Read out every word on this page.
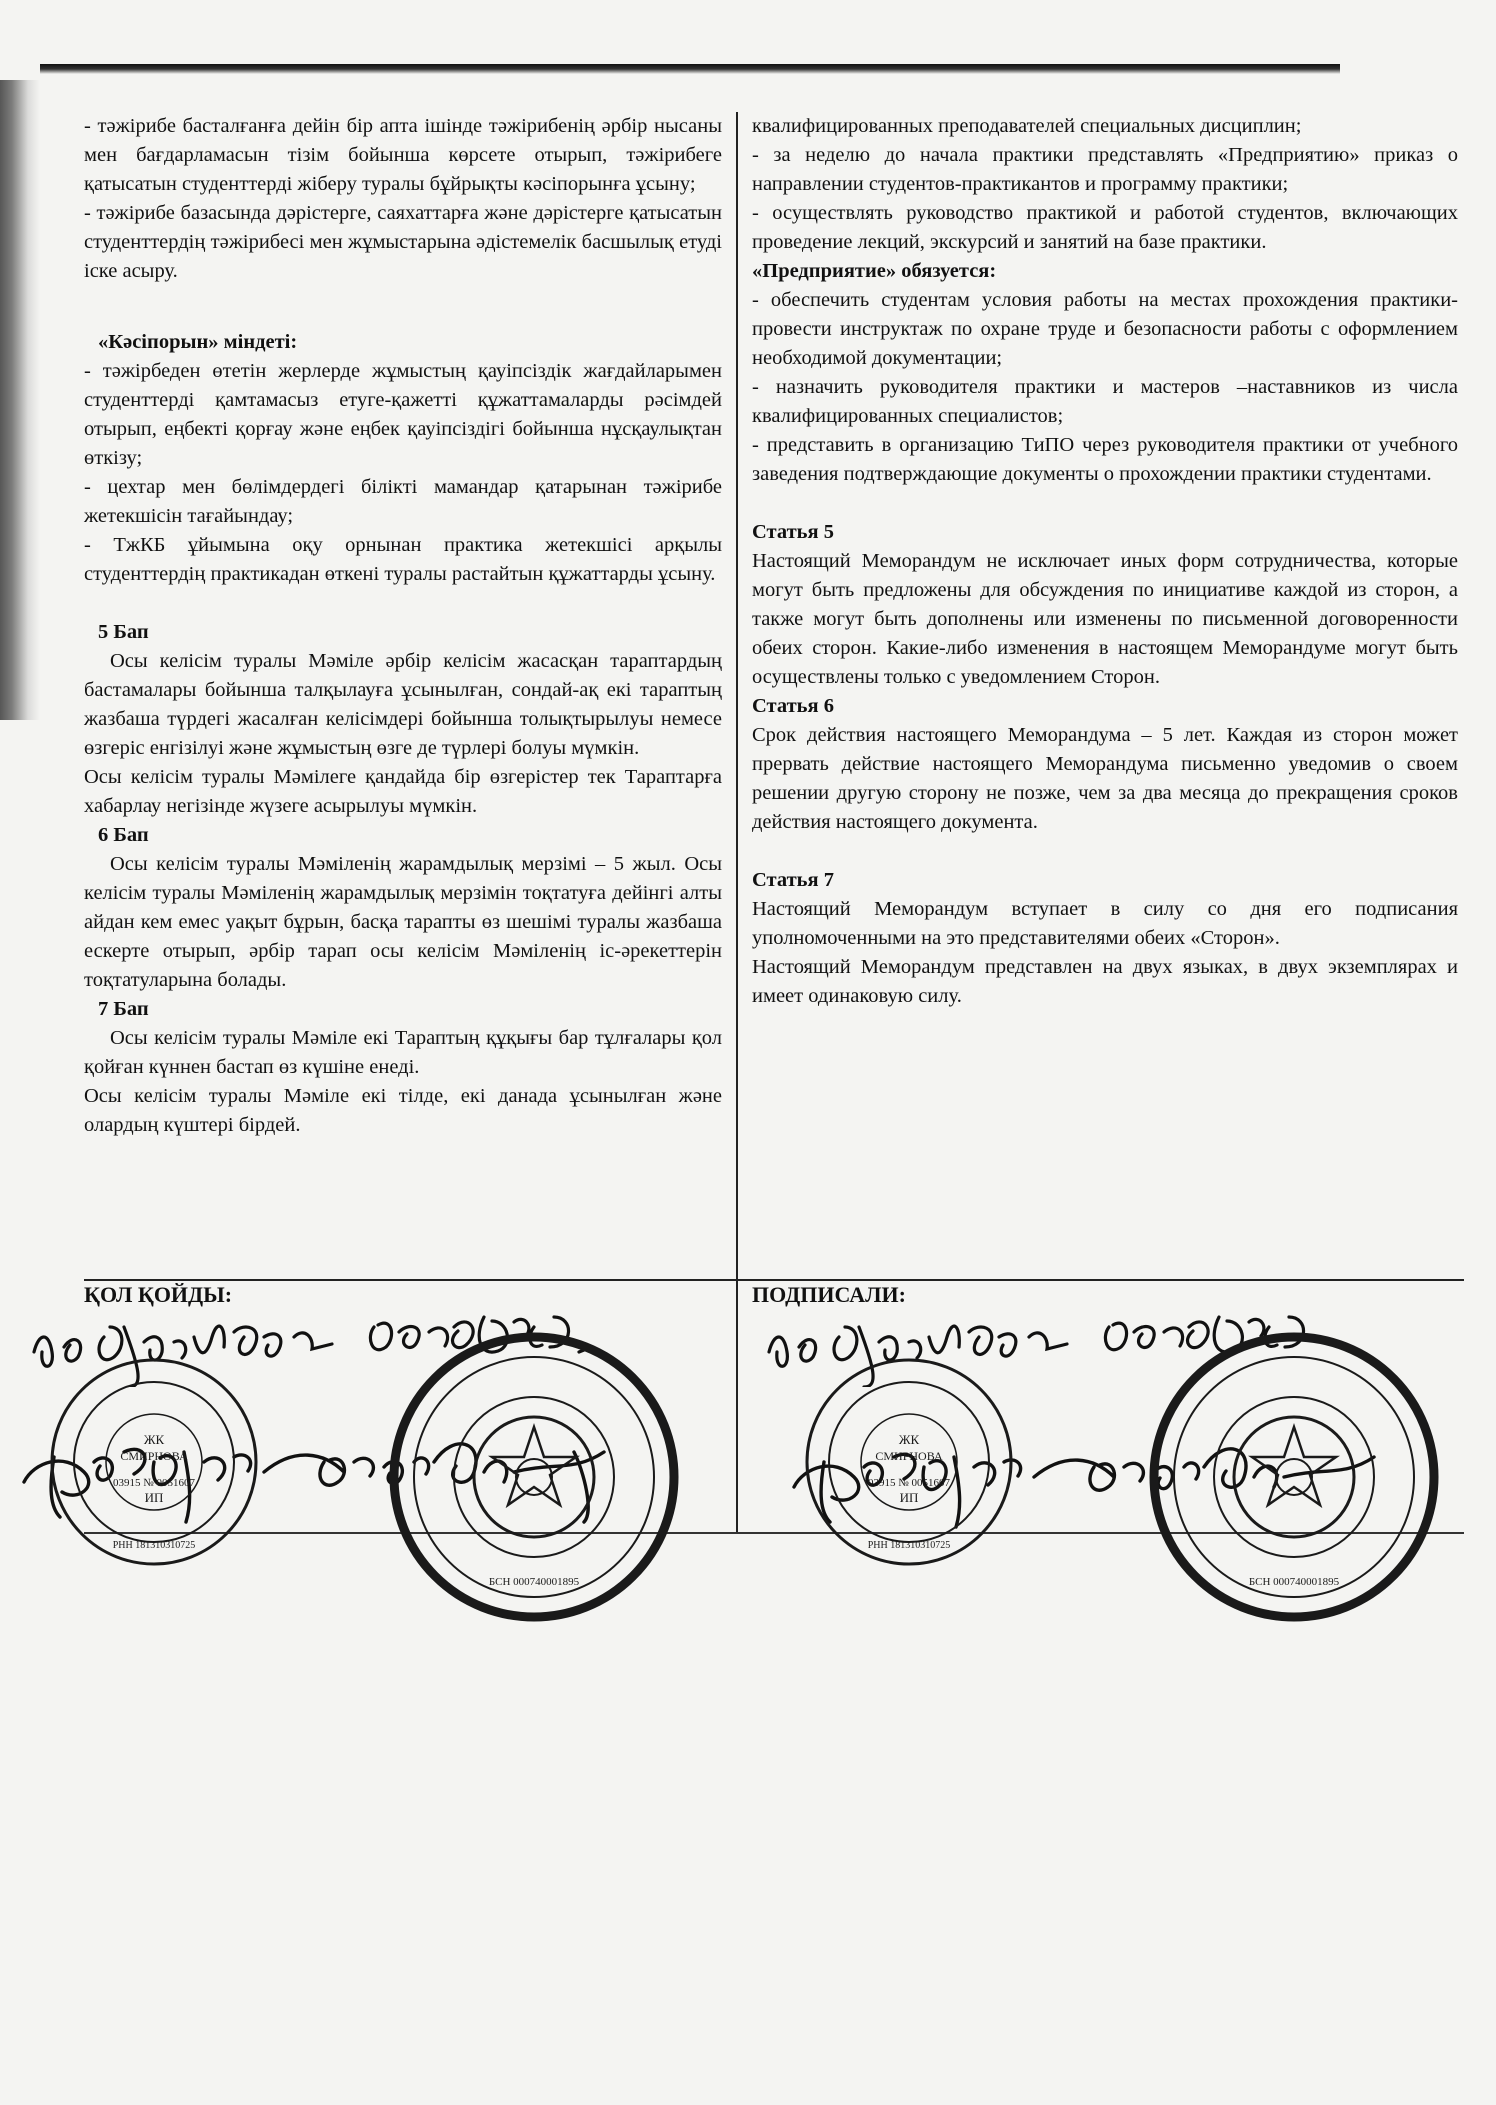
- тәжірибе басталғанға дейін бір апта ішінде тәжірибенің әрбір нысаны мен бағдарламасын тізім бойынша көрсете отырып, тәжірибеге қатысатын студенттерді жіберу туралы бұйрықты кәсіпорынға ұсыну;

- тәжірибе базасында дәрістерге, саяхаттарға және дәрістерге қатысатын студенттердің тәжірибесі мен жұмыстарына әдістемелік басшылық етуді іске асыру.

«Кәсіпорын» міндеті:

- тәжірбеден өтетін жерлерде жұмыстың қауіпсіздік жағдайларымен студенттерді қамтамасыз етуге-қажетті құжаттамаларды рәсімдей отырып, еңбекті қорғау және еңбек қауіпсіздігі бойынша нұсқаулықтан өткізу;

- цехтар мен бөлімдердегі білікті мамандар қатарынан тәжірибе жетекшісін тағайындау;

- ТжКБ ұйымына оқу орнынан практика жетекшісі арқылы студенттердің практикадан өткені туралы растайтын құжаттарды ұсыну.

5 Бап

Осы келісім туралы Мәміле әрбір келісім жасасқан тараптардың бастамалары бойынша талқылауға ұсынылған, сондай-ақ екі тараптың жазбаша түрдегі жасалған келісімдері бойынша толықтырылуы немесе өзгеріс енгізілуі және жұмыстың өзге де түрлері болуы мүмкін.

Осы келісім туралы Мәмілеге қандайда бір өзгерістер тек Тараптарға хабарлау негізінде жүзеге асырылуы мүмкін.

6 Бап

Осы келісім туралы Мәміленің жарамдылық мерзімі – 5 жыл. Осы келісім туралы Мәміленің жарамдылық мерзімін тоқтатуға дейінгі алты айдан кем емес уақыт бұрын, басқа тарапты өз шешімі туралы жазбаша ескерте отырып, әрбір тарап осы келісім Мәміленің іс-әрекеттерін тоқтатуларына болады.

7 Бап

Осы келісім туралы Мәміле екі Тараптың құқығы бар тұлғалары қол қойған күннен бастап өз күшіне енеді.

Осы келісім туралы Мәміле екі тілде, екі данада ұсынылған және олардың күштері бірдей.

квалифицированных преподавателей специальных дисциплин;

- за неделю до начала практики представлять «Предприятию» приказ о направлении студентов-практикантов и программу практики;

- осуществлять руководство практикой и работой студентов, включающих проведение лекций, экскурсий и занятий на базе практики.

«Предприятие» обязуется:

- обеспечить студентам условия работы на местах прохождения практики-провести инструктаж по охране труде и безопасности работы с оформлением необходимой документации;

- назначить руководителя практики и мастеров –наставников из числа квалифицированных специалистов;

- представить в организацию ТиПО через руководителя практики от учебного заведения подтверждающие документы о прохождении практики студентами.

Статья 5

Настоящий Меморандум не исключает иных форм сотрудничества, которые могут быть предложены для обсуждения по инициативе каждой из сторон, а также могут быть дополнены или изменены по письменной договоренности обеих сторон. Какие-либо изменения в настоящем Меморандуме могут быть осуществлены только с уведомлением Сторон.

Статья 6

Срок действия настоящего Меморандума – 5 лет. Каждая из сторон может прервать действие настоящего Меморандума письменно уведомив о своем решении другую сторону не позже, чем за два месяца до прекращения сроков действия настоящего документа.

Статья 7

Настоящий Меморандум вступает в силу со дня его подписания уполномоченными на это представителями обеих «Сторон».

Настоящий Меморандум представлен на двух языках, в двух экземплярах и имеет одинаковую силу.

ҚОЛ ҚОЙДЫ:	ПОДПИСАЛИ:
ЖК
СМИРНОВА
ИП
03915 № 0051607
РНН 181310310725
БСН 000740001895
ЖК
СМИРНОВА
ИП
03915 № 0051607
РНН 181310310725
БСН 000740001895
